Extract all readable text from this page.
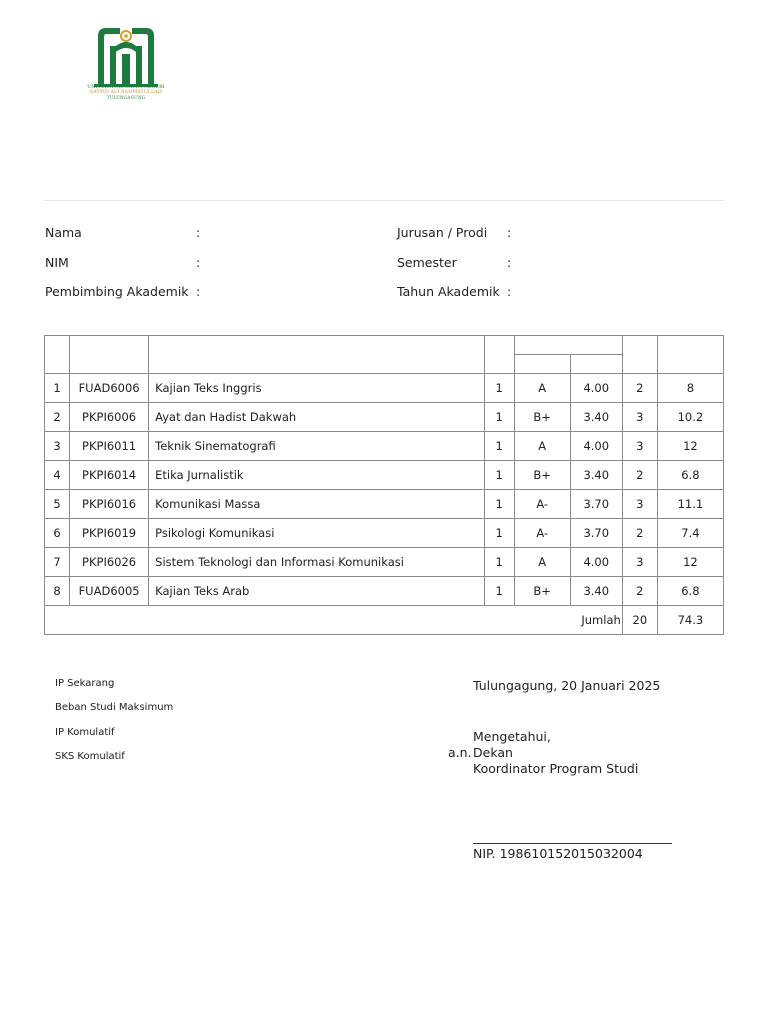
UNIVERSITAS ISLAM NEGERI
SAYYID ALI RAHMATULLAH
TULUNGAGUNG
Nama	:
NIM	:
Pembimbing Akademik :
Jurusan / Prodi :
Semester	:
Tahun Akademik :

1	FUAD6006	Kajian Teks Inggris	1	A	4.00	2	8
2	PKPI6006	Ayat dan Hadist Dakwah	1	B+	3.40	3	10.2
3	PKPI6011	Teknik Sinematografi	1	A	4.00	3	12
4	PKPI6014	Etika Jurnalistik	1	B+	3.40	2	6.8
5	PKPI6016	Komunikasi Massa	1	A-	3.70	3	11.1
6	PKPI6019	Psikologi Komunikasi	1	A-	3.70	2	7.4
7	PKPI6026	Sistem Teknologi dan Informasi Komunikasi	1	A	4.00	3	12
8	FUAD6005	Kajian Teks Arab	1	B+	3.40	2	6.8
Jumlah						20	74.3
IP Sekarang
Beban Studi Maksimum
IP Komulatif
SKS Komulatif
Tulungagung, 20 Januari 2025
Mengetahui,
a.n. Dekan
Koordinator Program Studi
NIP. 198610152015032004
